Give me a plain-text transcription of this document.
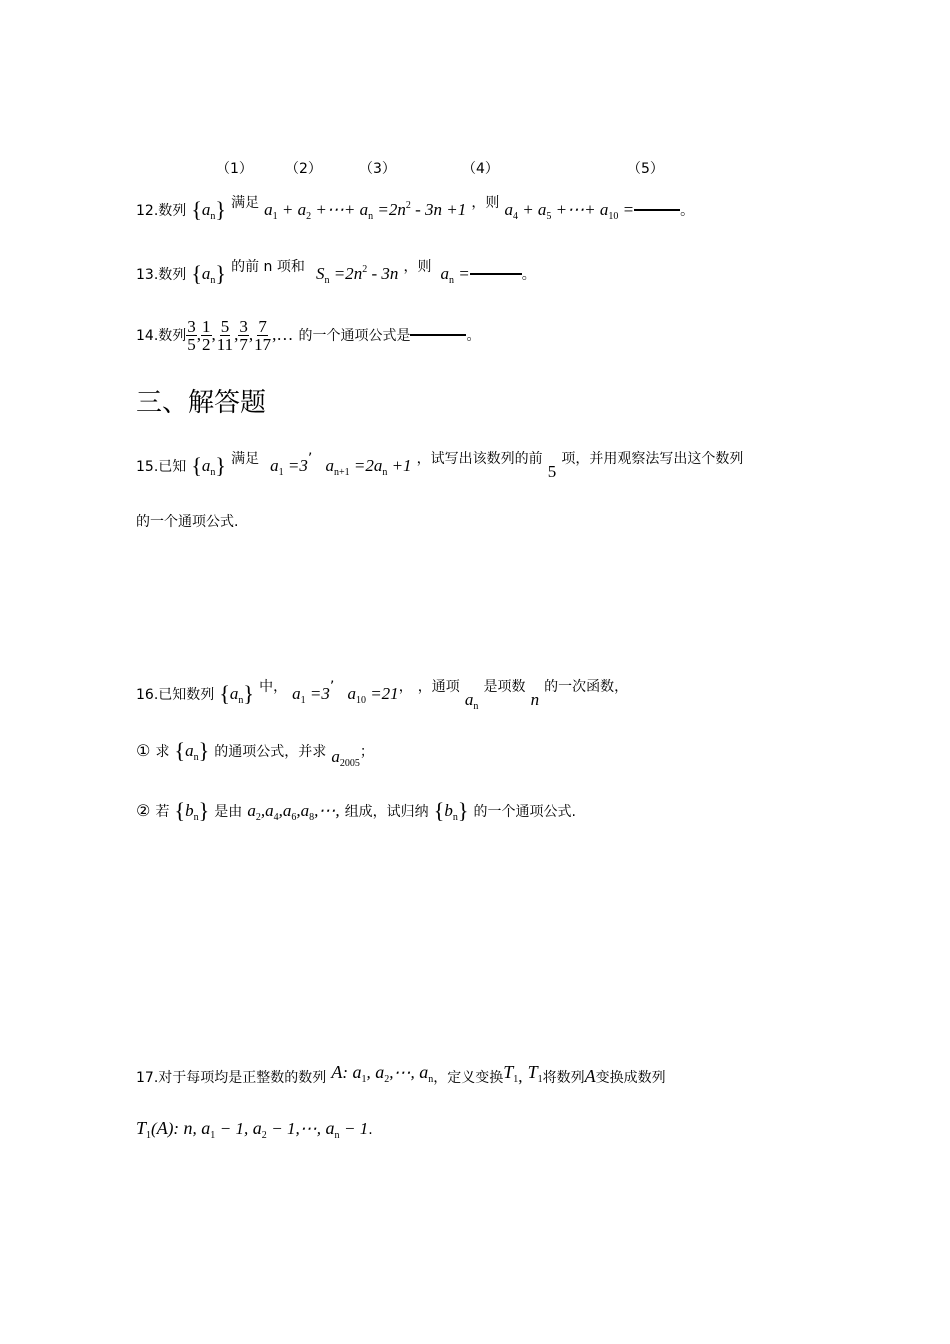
（1） （2）	（3）	（4）	（5）
12.数列 $\{a_n\}$ 满足 $a_1 + a_2$ +⋯+ $a_n =2n^2 - 3n +1$ ，则 $a_4 + a_5$ +⋯+ $a_{10}$ =	。
13.数列 $\{a_n\}$ 的前 n 项和 $S_n =2n^2 - 3n$ ，则 $a_n$ =	。
14.数列 $\frac{3}{5}$ , $\frac{1}{2}$ , $\frac{5}{11}$ , $\frac{3}{7}$ , $\frac{7}{17}$ ,… 的一个通项公式是	。
三、解答题
15.已知 $\{a_n\}$ 满足 $a_1 =3$’ $a_{n+1} =2a_n +1$ ，试写出该数列的前 5 项，并用观察法写出这个数列
的一个通项公式.
16.已知数列 $\{a_n\}$ 中， $a_1 =3$’ $a_{10} =21$， ，通项 $a_n$ 是项数 n 的一次函数，
① 求 $\{a_n\}$ 的通项公式，并求 $a_{2005}$；
② 若 $\{b_n\}$ 是由 $a_2,a_4,a_6,a_8,\cdots$, 组成，试归纳 $\{b_n\}$ 的一个通项公式.
17.对于每项均是正整数的数列 A: $a_1$, $a_2,\cdots$, $a_n$，定义变换$T_1$, $T_1$将数列A变换成数列
$T_1(A)$: n, $a_1 - 1$, $a_2$ − 1,⋯, $a_n - 1$.
